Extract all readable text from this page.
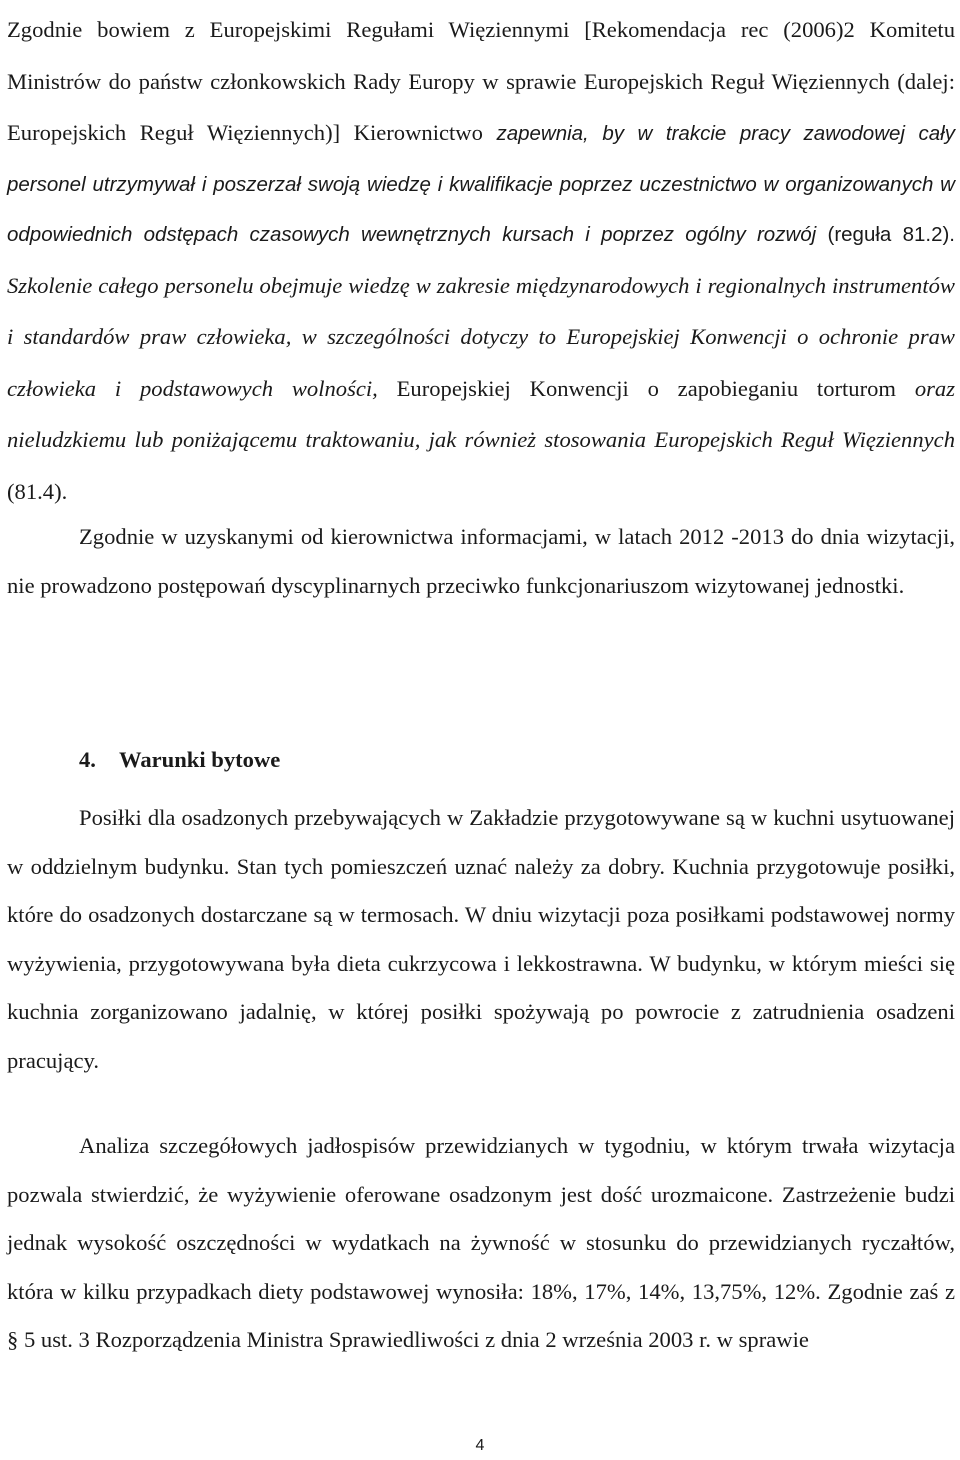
Zgodnie bowiem z Europejskimi Regułami Więziennymi [Rekomendacja rec (2006)2 Komitetu Ministrów do państw członkowskich Rady Europy w sprawie Europejskich Reguł Więziennych (dalej: Europejskich Reguł Więziennych)] Kierownictwo zapewnia, by w trakcie pracy zawodowej cały personel utrzymywał i poszerzał swoją wiedzę i kwalifikacje poprzez uczestnictwo w organizowanych w odpowiednich odstępach czasowych wewnętrznych kursach i poprzez ogólny rozwój (reguła 81.2). Szkolenie całego personelu obejmuje wiedzę w zakresie międzynarodowych i regionalnych instrumentów i standardów praw człowieka, w szczególności dotyczy to Europejskiej Konwencji o ochronie praw człowieka i podstawowych wolności, Europejskiej Konwencji o zapobieganiu torturom oraz nieludzkiemu lub poniżającemu traktowaniu, jak również stosowania Europejskich Reguł Więziennych (81.4).

Zgodnie w uzyskanymi od kierownictwa informacjami, w latach 2012 -2013 do dnia wizytacji, nie prowadzono postępowań dyscyplinarnych przeciwko funkcjonariuszom wizytowanej jednostki.

4. Warunki bytowe

Posiłki dla osadzonych przebywających w Zakładzie przygotowywane są w kuchni usytuowanej w oddzielnym budynku. Stan tych pomieszczeń uznać należy za dobry. Kuchnia przygotowuje posiłki, które do osadzonych dostarczane są w termosach. W dniu wizytacji poza posiłkami podstawowej normy wyżywienia, przygotowywana była dieta cukrzycowa i lekkostrawna. W budynku, w którym mieści się kuchnia zorganizowano jadalnię, w której posiłki spożywają po powrocie z zatrudnienia osadzeni pracujący.

Analiza szczegółowych jadłospisów przewidzianych w tygodniu, w którym trwała wizytacja pozwala stwierdzić, że wyżywienie oferowane osadzonym jest dość urozmaicone. Zastrzeżenie budzi jednak wysokość oszczędności w wydatkach na żywność w stosunku do przewidzianych ryczałtów, która w kilku przypadkach diety podstawowej wynosiła: 18%, 17%, 14%, 13,75%, 12%. Zgodnie zaś z § 5 ust. 3 Rozporządzenia Ministra Sprawiedliwości z dnia 2 września 2003 r. w sprawie

4
